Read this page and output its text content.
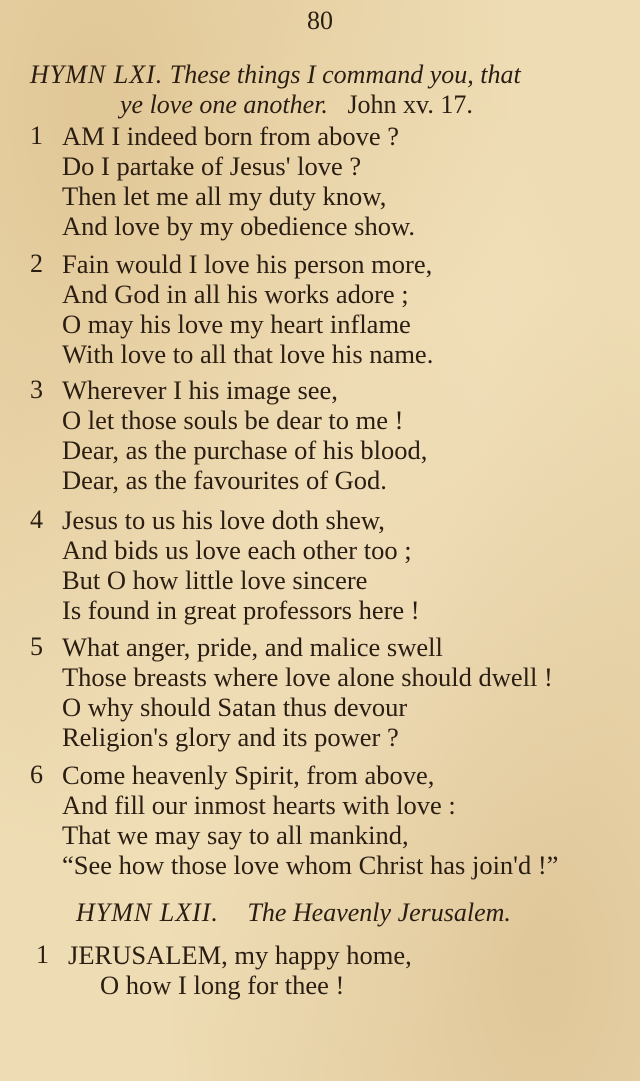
80
HYMN LXI. These things I command you, that
ye love one another. John xv. 17.
1 AM I indeed born from above ?
Do I partake of Jesus' love ?
Then let me all my duty know,
And love by my obedience show.
2 Fain would I love his person more,
And God in all his works adore ;
O may his love my heart inflame
With love to all that love his name.
3 Wherever I his image see,
O let those souls be dear to me !
Dear, as the purchase of his blood,
Dear, as the favourites of God.
4 Jesus to us his love doth shew,
And bids us love each other too ;
But O how little love sincere
Is found in great professors here !
5 What anger, pride, and malice swell
Those breasts where love alone should dwell !
O why should Satan thus devour
Religion's glory and its power ?
6 Come heavenly Spirit, from above,
And fill our inmost hearts with love :
That we may say to all mankind,
“See how those love whom Christ has join'd !”
HYMN LXII. The Heavenly Jerusalem.
1 JERUSALEM, my happy home,
O how I long for thee !
